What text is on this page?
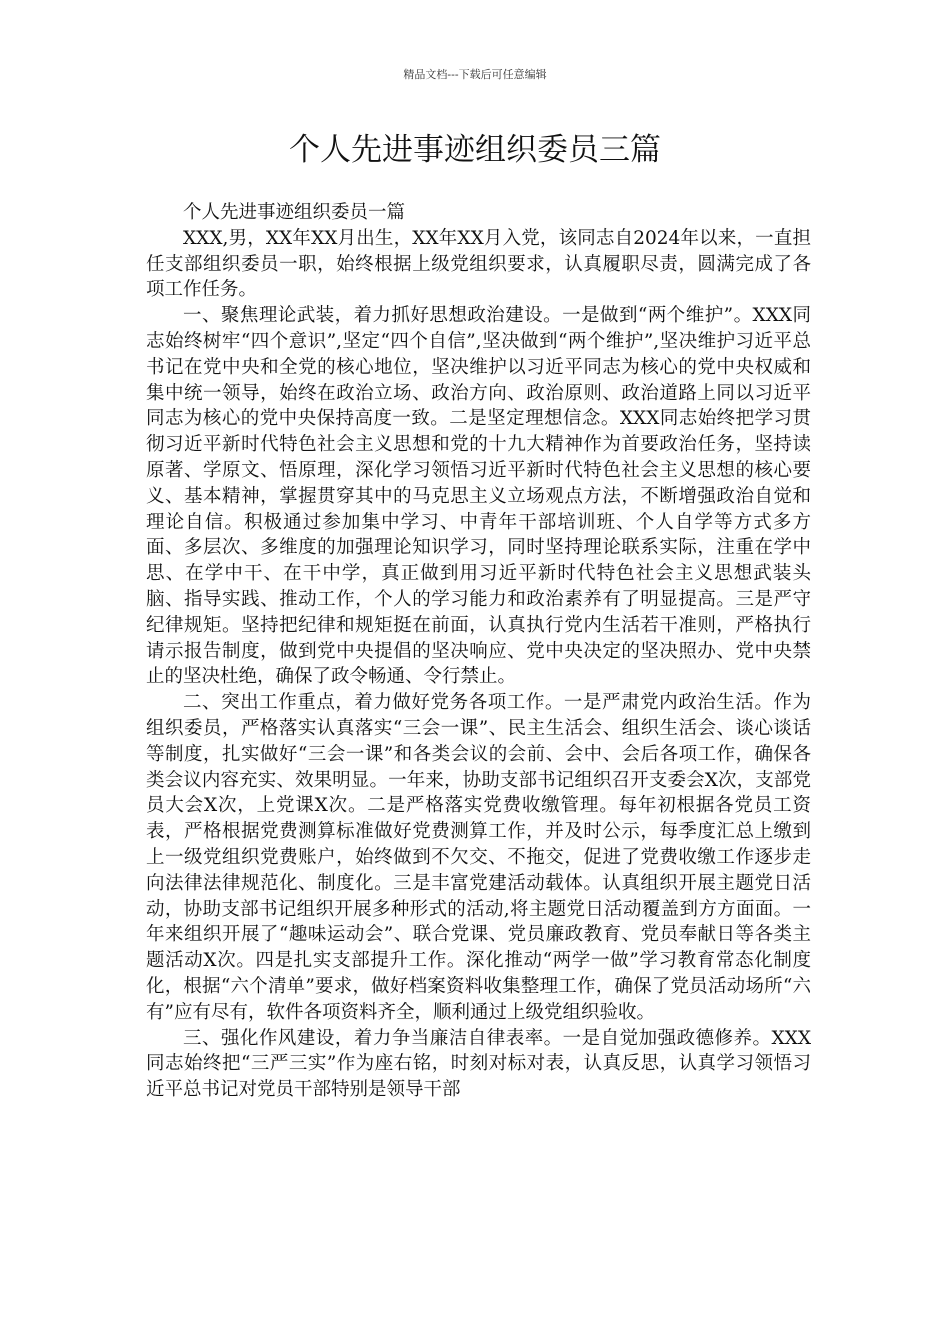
精品文档---下载后可任意编辑
个人先进事迹组织委员三篇

个人先进事迹组织委员一篇

XXX,男，XX年XX月出生，XX年XX月入党，该同志自2024年以来，一直担任支部组织委员一职，始终根据上级党组织要求，认真履职尽责，圆满完成了各项工作任务。

一、聚焦理论武装，着力抓好思想政治建设。一是做到“两个维护”。XXX同志始终树牢“四个意识”,坚定“四个自信”,坚决做到“两个维护”,坚决维护习近平总书记在党中央和全党的核心地位，坚决维护以习近平同志为核心的党中央权威和集中统一领导，始终在政治立场、政治方向、政治原则、政治道路上同以习近平同志为核心的党中央保持高度一致。二是坚定理想信念。XXX同志始终把学习贯彻习近平新时代特色社会主义思想和党的十九大精神作为首要政治任务，坚持读原著、学原文、悟原理，深化学习领悟习近平新时代特色社会主义思想的核心要义、基本精神，掌握贯穿其中的马克思主义立场观点方法，不断增强政治自觉和理论自信。积极通过参加集中学习、中青年干部培训班、个人自学等方式多方面、多层次、多维度的加强理论知识学习，同时坚持理论联系实际，注重在学中思、在学中干、在干中学，真正做到用习近平新时代特色社会主义思想武装头脑、指导实践、推动工作，个人的学习能力和政治素养有了明显提高。三是严守纪律规矩。坚持把纪律和规矩挺在前面，认真执行党内生活若干准则，严格执行请示报告制度，做到党中央提倡的坚决响应、党中央决定的坚决照办、党中央禁止的坚决杜绝，确保了政令畅通、令行禁止。

二、突出工作重点，着力做好党务各项工作。一是严肃党内政治生活。作为组织委员，严格落实认真落实“三会一课”、民主生活会、组织生活会、谈心谈话等制度，扎实做好“三会一课”和各类会议的会前、会中、会后各项工作，确保各类会议内容充实、效果明显。一年来，协助支部书记组织召开支委会X次，支部党员大会X次，上党课X次。二是严格落实党费收缴管理。每年初根据各党员工资表，严格根据党费测算标准做好党费测算工作，并及时公示，每季度汇总上缴到上一级党组织党费账户，始终做到不欠交、不拖交，促进了党费收缴工作逐步走向法律法律规范化、制度化。三是丰富党建活动载体。认真组织开展主题党日活动，协助支部书记组织开展多种形式的活动,将主题党日活动覆盖到方方面面。一年来组织开展了“趣味运动会”、联合党课、党员廉政教育、党员奉献日等各类主题活动X次。四是扎实支部提升工作。深化推动“两学一做”学习教育常态化制度化，根据“六个清单”要求，做好档案资料收集整理工作，确保了党员活动场所“六有”应有尽有，软件各项资料齐全，顺利通过上级党组织验收。

三、强化作风建设，着力争当廉洁自律表率。一是自觉加强政德修养。XXX同志始终把“三严三实”作为座右铭，时刻对标对表，认真反思，认真学习领悟习近平总书记对党员干部特别是领导干部
